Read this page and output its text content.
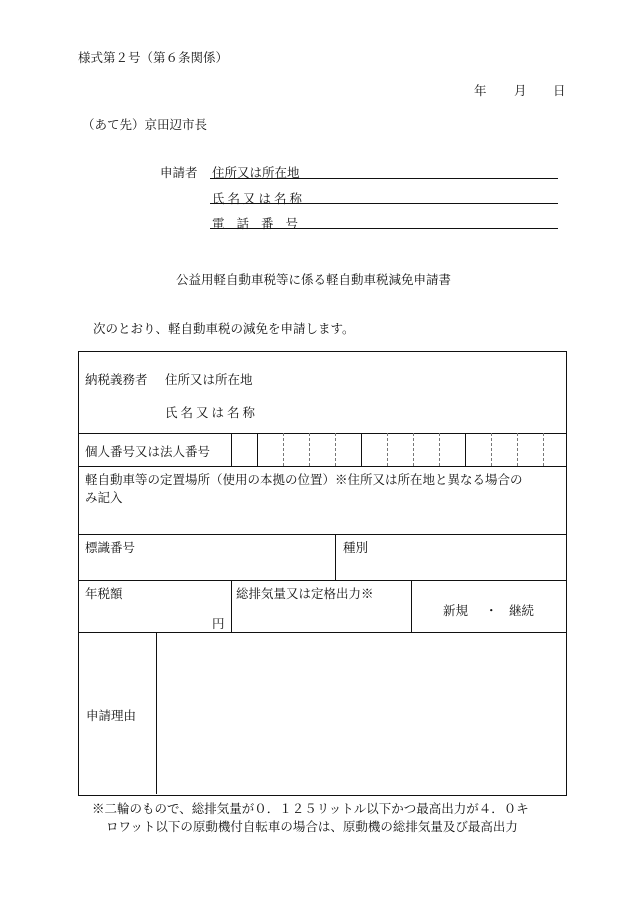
様式第２号（第６条関係）
年 月 日
（あて先）京田辺市長
申請者 住所又は所在地
氏名又は名称
電話番号
公益用軽自動車税等に係る軽自動車税減免申請書
次のとおり、軽自動車税の減免を申請します。
納税義務者 住所又は所在地
氏名又は名称
個人番号又は法人番号
軽自動車等の定置場所（使用の本拠の位置）※住所又は所在地と異なる場合の
み記入
標識番号	種別
年税額
円
総排気量又は定格出力※
新規 ・ 継続
申請理由
※二輪のもので、総排気量が０．１２５リットル以下かつ最高出力が４．０キ
ロワット以下の原動機付自転車の場合は、原動機の総排気量及び最高出力
